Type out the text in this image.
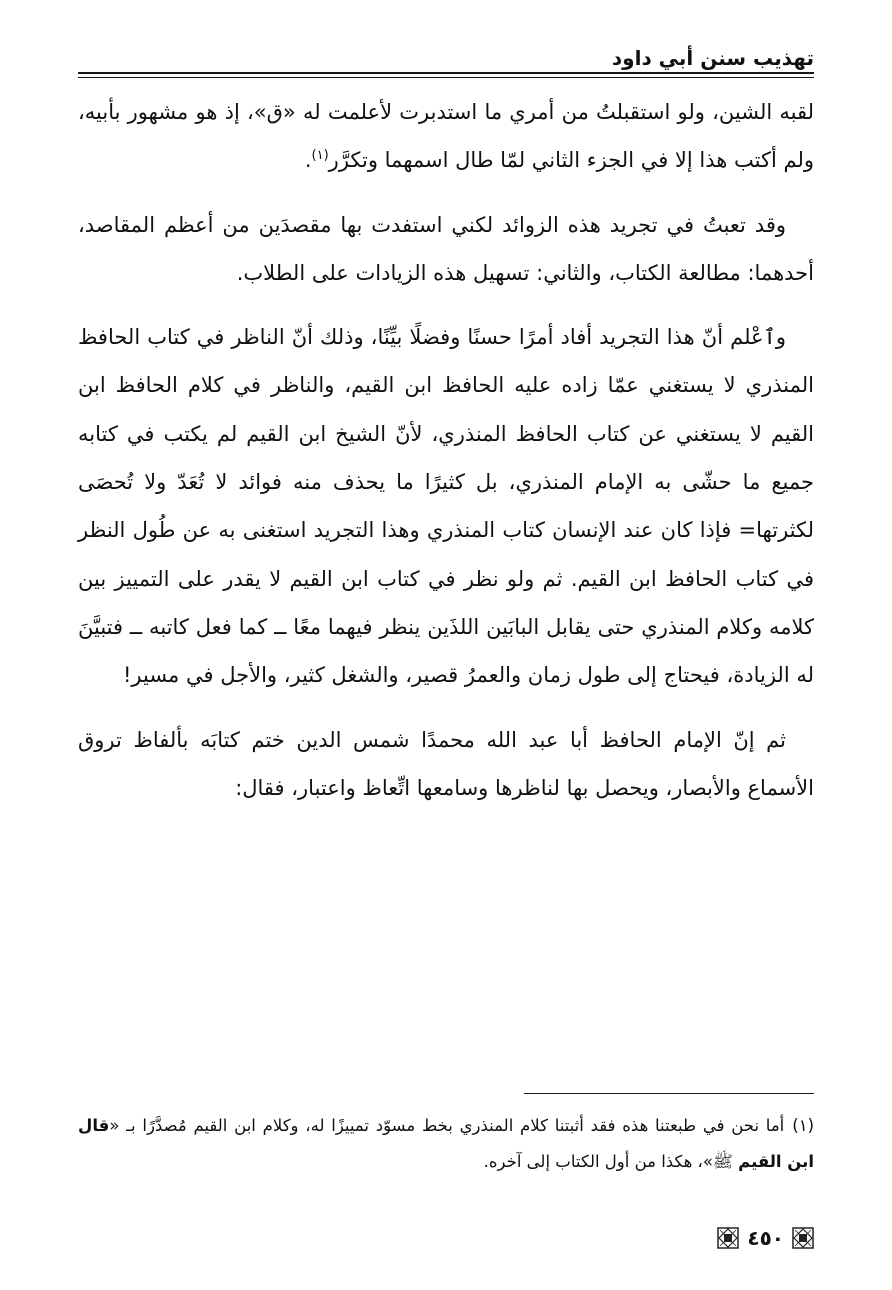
تهذيب سنن أبي داود

لقبه الشين، ولو استقبلتُ من أمري ما استدبرت لأعلمت له «ق»، إذ هو مشهور بأبيه، ولم أكتب هذا إلا في الجزء الثاني لمّا طال اسمهما وتكرَّر$^{(١)}$.

وقد تعبتُ في تجريد هذه الزوائد لكني استفدت بها مقصدَين من أعظم المقاصد، أحدهما: مطالعة الكتاب، والثاني: تسهيل هذه الزيادات على الطلاب.

وٱعْلم أنّ هذا التجريد أفاد أمرًا حسنًا وفضلًا بيِّنًا، وذلك أنّ الناظر في كتاب الحافظ المنذري لا يستغني عمّا زاده عليه الحافظ ابن القيم، والناظر في كلام الحافظ ابن القيم لا يستغني عن كتاب الحافظ المنذري، لأنّ الشيخ ابن القيم لم يكتب في كتابه جميع ما حشّى به الإمام المنذري، بل كثيرًا ما يحذف منه فوائد لا تُعَدّ ولا تُحصَى لكثرتها= فإذا كان عند الإنسان كتاب المنذري وهذا التجريد استغنى به عن طُول النظر في كتاب الحافظ ابن القيم. ثم ولو نظر في كتاب ابن القيم لا يقدر على التمييز بين كلامه وكلام المنذري حتى يقابل البابَين اللذَين ينظر فيهما معًا ــ كما فعل كاتبه ــ فتبيَّنَ له الزيادة، فيحتاج إلى طول زمان والعمرُ قصير، والشغل كثير، والأجل في مسير!

ثم إنّ الإمام الحافظ أبا عبد الله محمدًا شمس الدين ختم كتابَه بألفاظ تروق الأسماع والأبصار، ويحصل بها لناظرها وسامعها اتِّعاظ واعتبار، فقال:

(١)أما نحن في طبعتنا هذه فقد أثبتنا كلام المنذري بخط مسوّد تمييزًا له، وكلام ابن القيم مُصدَّرًا بـ «قال ابن القيم ﷺ»، هكذا من أول الكتاب إلى آخره.
٤٥٠
